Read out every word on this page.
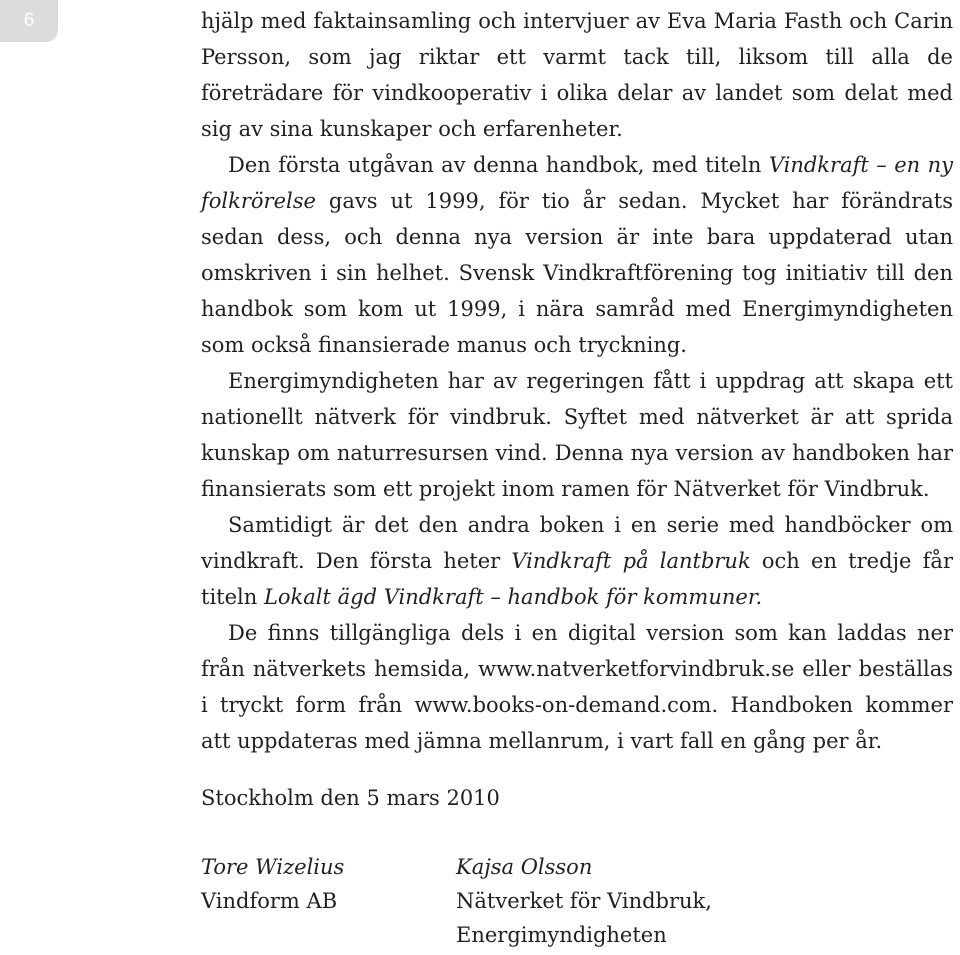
6	hjälp med faktainsamling och intervjuer av Eva Maria Fasth och Carin Persson, som jag riktar ett varmt tack till, liksom till alla de företrädare för vindkooperativ i olika delar av landet som delat med sig av sina kunskaper och erfarenheter.

Den första utgåvan av denna handbok, med titeln Vindkraft – en ny folkrörelse gavs ut 1999, för tio år sedan. Mycket har förändrats sedan dess, och denna nya version är inte bara uppdaterad utan omskriven i sin helhet. Svensk Vindkraftförening tog initiativ till den handbok som kom ut 1999, i nära samråd med Energimyndigheten som också finansierade manus och tryckning.

Energimyndigheten har av regeringen fått i uppdrag att skapa ett nationellt nätverk för vindbruk. Syftet med nätverket är att sprida kunskap om naturresursen vind. Denna nya version av handboken har finansierats som ett projekt inom ramen för Nätverket för Vindbruk.

Samtidigt är det den andra boken i en serie med handböcker om vindkraft. Den första heter Vindkraft på lantbruk och en tredje får titeln Lokalt ägd Vindkraft – handbok för kommuner.

De finns tillgängliga dels i en digital version som kan laddas ner från nätverkets hemsida, www.natverketforvindbruk.se eller beställas i tryckt form från www.books-on-demand.com. Handboken kommer att uppdateras med jämna mellanrum, i vart fall en gång per år.

Stockholm den 5 mars 2010
Tore Wizelius
Vindform AB
Kajsa Olsson
Nätverket för Vindbruk,
Energimyndigheten
